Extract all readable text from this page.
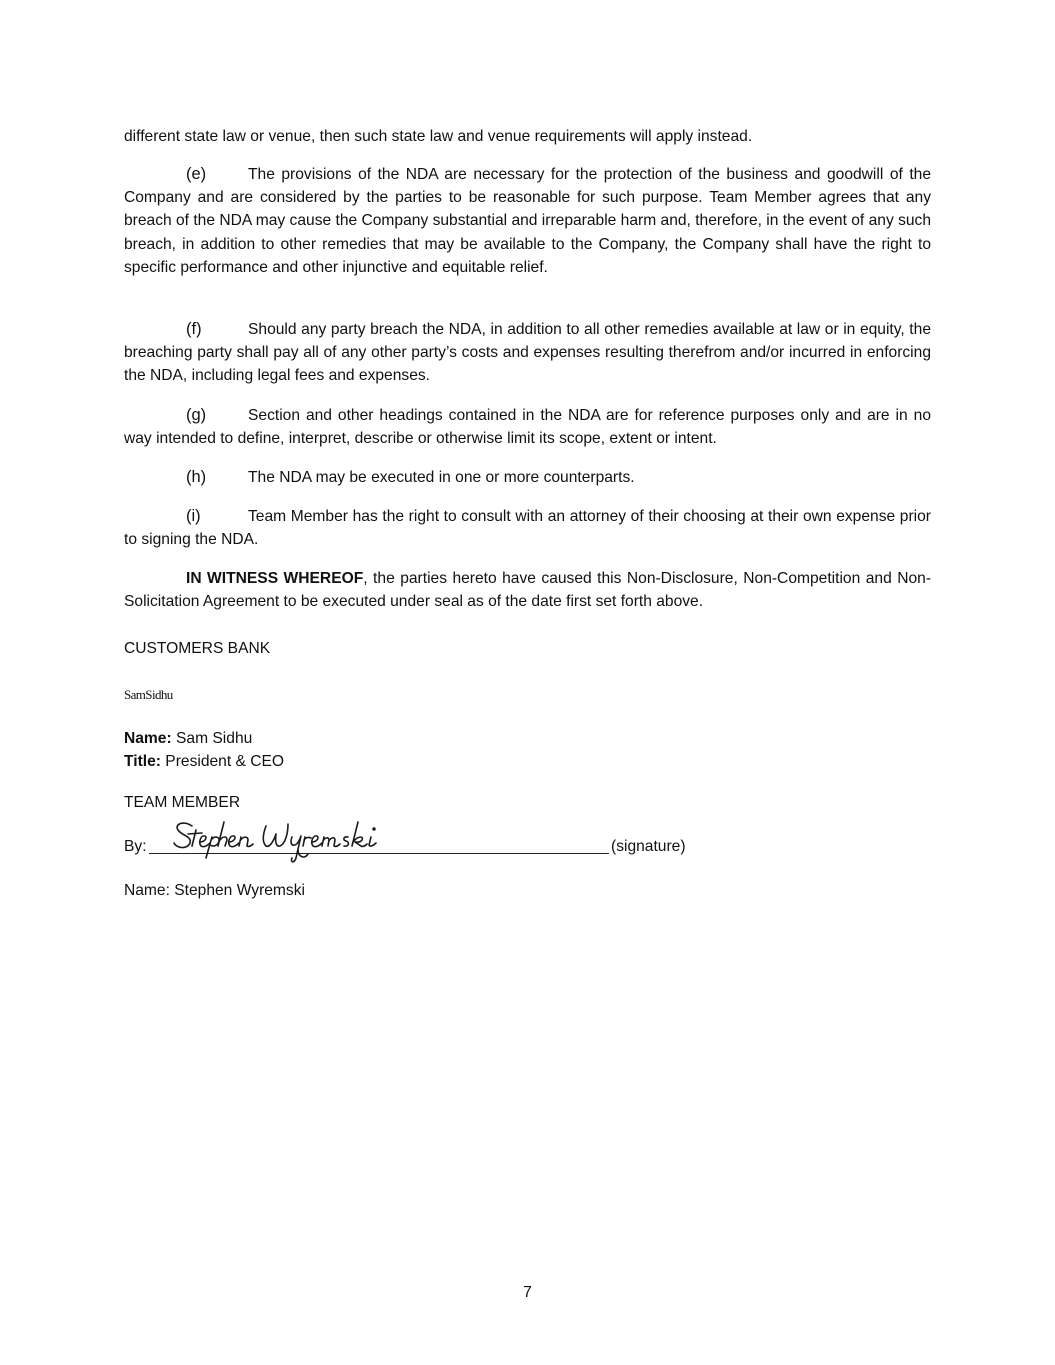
different state law or venue, then such state law and venue requirements will apply instead.

(e)	The provisions of the NDA are necessary for the protection of the business and goodwill of the Company and are considered by the parties to be reasonable for such purpose. Team Member agrees that any breach of the NDA may cause the Company substantial and irreparable harm and, therefore, in the event of any such breach, in addition to other remedies that may be available to the Company, the Company shall have the right to specific performance and other injunctive and equitable relief.

(f)	Should any party breach the NDA, in addition to all other remedies available at law or in equity, the breaching party shall pay all of any other party’s costs and expenses resulting therefrom and/or incurred in enforcing the NDA, including legal fees and expenses.

(g)	Section and other headings contained in the NDA are for reference purposes only and are in no way intended to define, interpret, describe or otherwise limit its scope, extent or intent.

(h)	The NDA may be executed in one or more counterparts.

(i)	Team Member has the right to consult with an attorney of their choosing at their own expense prior to signing the NDA.

IN WITNESS WHEREOF, the parties hereto have caused this Non-Disclosure, Non-Competition and Non-Solicitation Agreement to be executed under seal as of the date first set forth above.

CUSTOMERS BANK
SamSidhu
Name: Sam Sidhu
Title: President & CEO
TEAM MEMBER
By:	(signature)
Name: Stephen Wyremski
7
